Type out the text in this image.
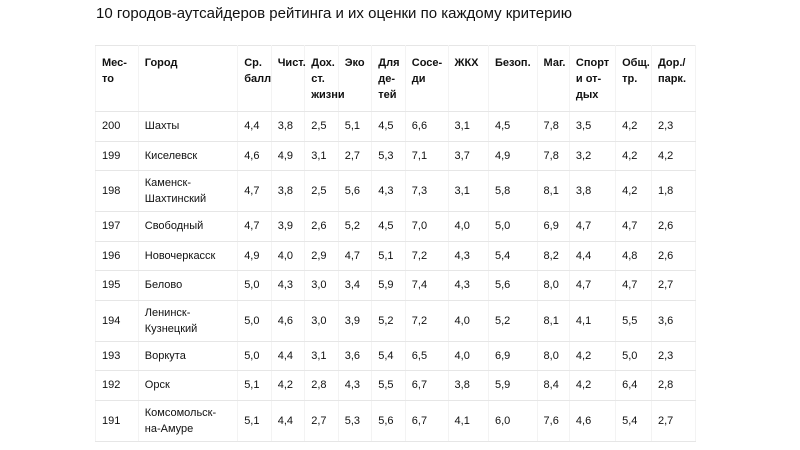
10 городов-аутсайдеров рейтинга и их оценки по каждому критерию
Мес-то	Город	Ср. балл	Чист.	Дох. ст. жизни	Эко	Для де-тей	Сосе-ди	ЖКХ	Безоп.	Маг.	Спорт и от-дых	Общ. тр.	Дор./ парк.
200	Шахты	4,4	3,8	2,5	5,1	4,5	6,6	3,1	4,5	7,8	3,5	4,2	2,3
199	Киселевск	4,6	4,9	3,1	2,7	5,3	7,1	3,7	4,9	7,8	3,2	4,2	4,2
198	Каменск-Шахтинский	4,7	3,8	2,5	5,6	4,3	7,3	3,1	5,8	8,1	3,8	4,2	1,8
197	Свободный	4,7	3,9	2,6	5,2	4,5	7,0	4,0	5,0	6,9	4,7	4,7	2,6
196	Новочеркасск	4,9	4,0	2,9	4,7	5,1	7,2	4,3	5,4	8,2	4,4	4,8	2,6
195	Белово	5,0	4,3	3,0	3,4	5,9	7,4	4,3	5,6	8,0	4,7	4,7	2,7
194	Ленинск-Кузнецкий	5,0	4,6	3,0	3,9	5,2	7,2	4,0	5,2	8,1	4,1	5,5	3,6
193	Воркута	5,0	4,4	3,1	3,6	5,4	6,5	4,0	6,9	8,0	4,2	5,0	2,3
192	Орск	5,1	4,2	2,8	4,3	5,5	6,7	3,8	5,9	8,4	4,2	6,4	2,8
191	Комсомольск-на-Амуре	5,1	4,4	2,7	5,3	5,6	6,7	4,1	6,0	7,6	4,6	5,4	2,7
